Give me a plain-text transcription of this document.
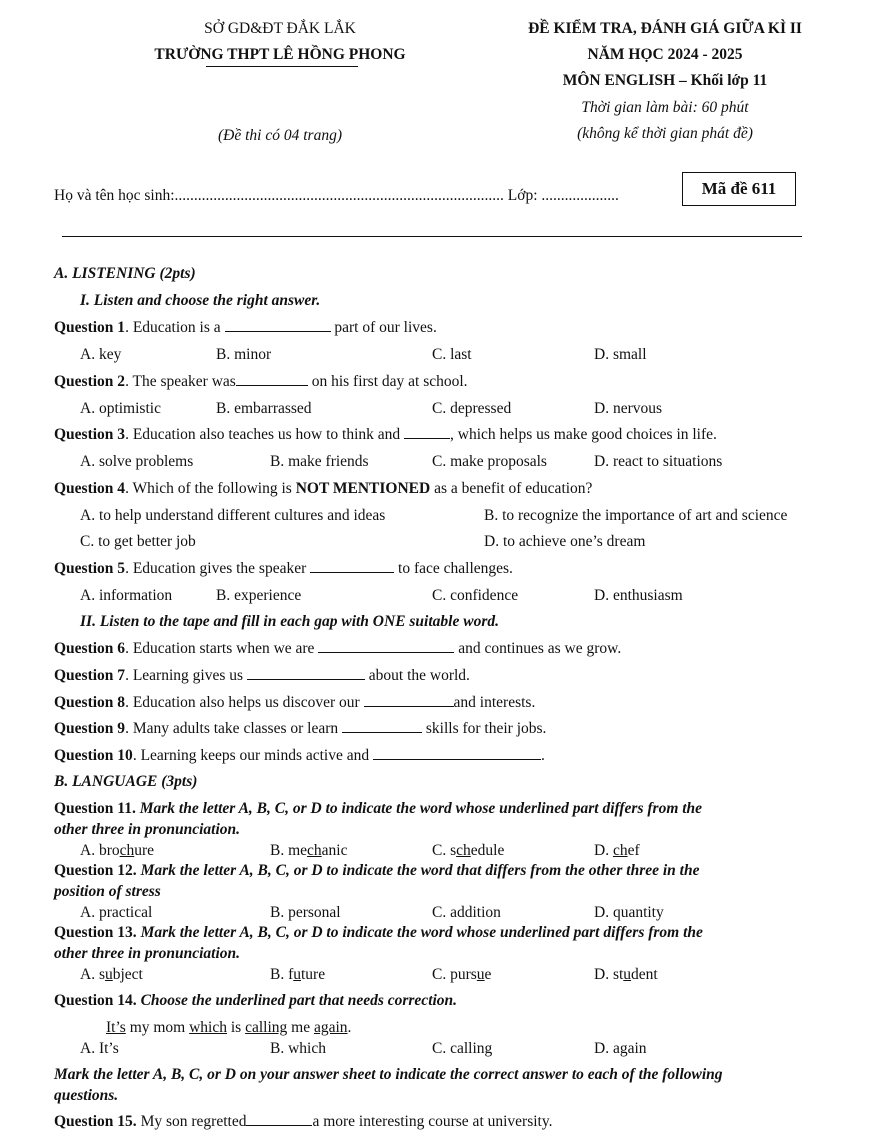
SỞ GD&ĐT ĐẮK LẮK
TRƯỜNG THPT LÊ HỒNG PHONG
(Đề thi có 04 trang)
ĐỀ KIỂM TRA, ĐÁNH GIÁ GIỮA KÌ II
NĂM HỌC 2024 - 2025
MÔN ENGLISH – Khối lớp 11
Thời gian làm bài: 60 phút
(không kể thời gian phát đề)
Họ và tên học sinh:..................................................................................... Lớp: ....................	Mã đề 611
A. LISTENING (2pts)
I. Listen and choose the right answer.
Question 1. Education is a	part of our lives.
A. key	B. minor	C. last	D. small
Question 2. The speaker was	on his first day at school.
A. optimistic	B. embarrassed	C. depressed	D. nervous
Question 3. Education also teaches us how to think and	, which helps us make good choices in life.
A. solve problems	B. make friends	C. make proposals	D. react to situations
Question 4. Which of the following is NOT MENTIONED as a benefit of education?
A. to help understand different cultures and ideas	B. to recognize the importance of art and science
C. to get better job	D. to achieve one’s dream
Question 5. Education gives the speaker	to face challenges.
A. information	B. experience	C. confidence	D. enthusiasm
II. Listen to the tape and fill in each gap with ONE suitable word.
Question 6. Education starts when we are	and continues as we grow.
Question 7. Learning gives us	about the world.
Question 8. Education also helps us discover our	and interests.
Question 9. Many adults take classes or learn	skills for their jobs.
Question 10. Learning keeps our minds active and	.
B. LANGUAGE (3pts)
Question 11. Mark the letter A, B, C, or D to indicate the word whose underlined part differs from the
other three in pronunciation.
A. brochure	B. mechanic	C. schedule	D. chef
Question 12. Mark the letter A, B, C, or D to indicate the word that differs from the other three in the
position of stress
A. practical	B. personal	C. addition	D. quantity
Question 13. Mark the letter A, B, C, or D to indicate the word whose underlined part differs from the
other three in pronunciation.
A. subject	B. future	C. pursue	D. student
Question 14. Choose the underlined part that needs correction.
It’s my mom which is calling me again.
A. It’s	B. which	C. calling	D. again
Mark the letter A, B, C, or D on your answer sheet to indicate the correct answer to each of the following
questions.
Question 15. My son regretted	a more interesting course at university.
